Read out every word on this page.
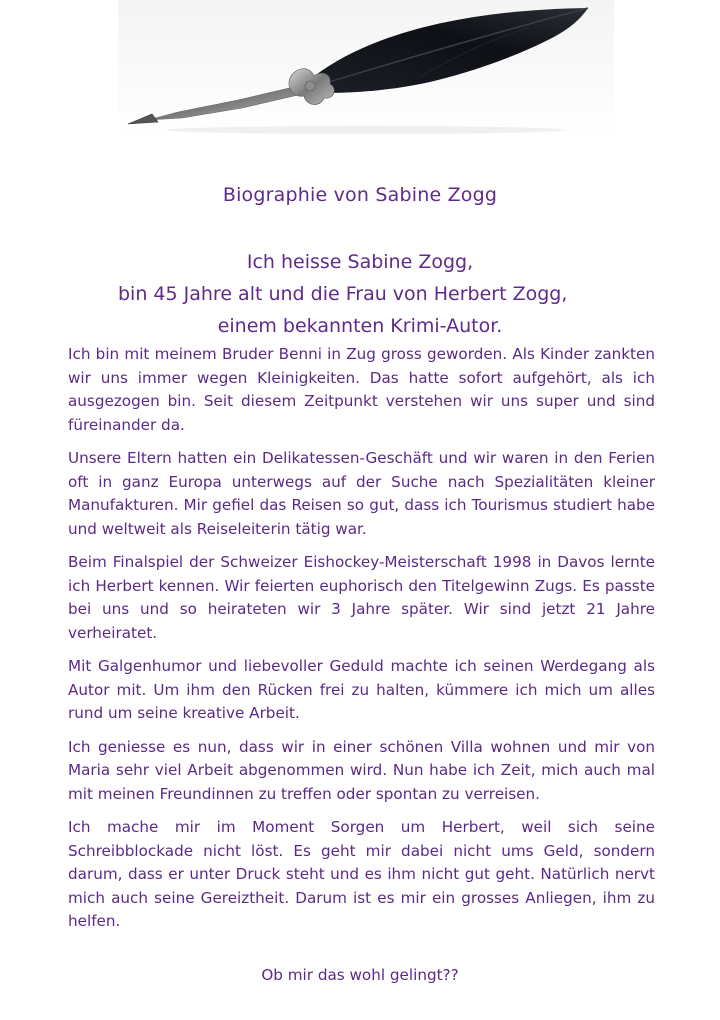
Biographie von Sabine Zogg
Ich heisse Sabine Zogg,
bin 45 Jahre alt und die Frau von Herbert Zogg,
einem bekannten Krimi-Autor.

Ich bin mit meinem Bruder Benni in Zug gross geworden. Als Kinder zankten wir uns immer wegen Kleinigkeiten. Das hatte sofort aufgehört, als ich ausgezogen bin. Seit diesem Zeitpunkt verstehen wir uns super und sind füreinander da.

Unsere Eltern hatten ein Delikatessen-Geschäft und wir waren in den Ferien oft in ganz Europa unterwegs auf der Suche nach Spezialitäten kleiner Manufakturen. Mir gefiel das Reisen so gut, dass ich Tourismus studiert habe und weltweit als Reiseleiterin tätig war.

Beim Finalspiel der Schweizer Eishockey-Meisterschaft 1998 in Davos lernte ich Herbert kennen. Wir feierten euphorisch den Titelgewinn Zugs. Es passte bei uns und so heirateten wir 3 Jahre später. Wir sind jetzt 21 Jahre verheiratet.

Mit Galgenhumor und liebevoller Geduld machte ich seinen Werdegang als Autor mit. Um ihm den Rücken frei zu halten, kümmere ich mich um alles rund um seine kreative Arbeit.

Ich geniesse es nun, dass wir in einer schönen Villa wohnen und mir von Maria sehr viel Arbeit abgenommen wird. Nun habe ich Zeit, mich auch mal mit meinen Freundinnen zu treffen oder spontan zu verreisen.

Ich mache mir im Moment Sorgen um Herbert, weil sich seine Schreibblockade nicht löst. Es geht mir dabei nicht ums Geld, sondern darum, dass er unter Druck steht und es ihm nicht gut geht. Natürlich nervt mich auch seine Gereiztheit. Darum ist es mir ein grosses Anliegen, ihm zu helfen.

Ob mir das wohl gelingt??
